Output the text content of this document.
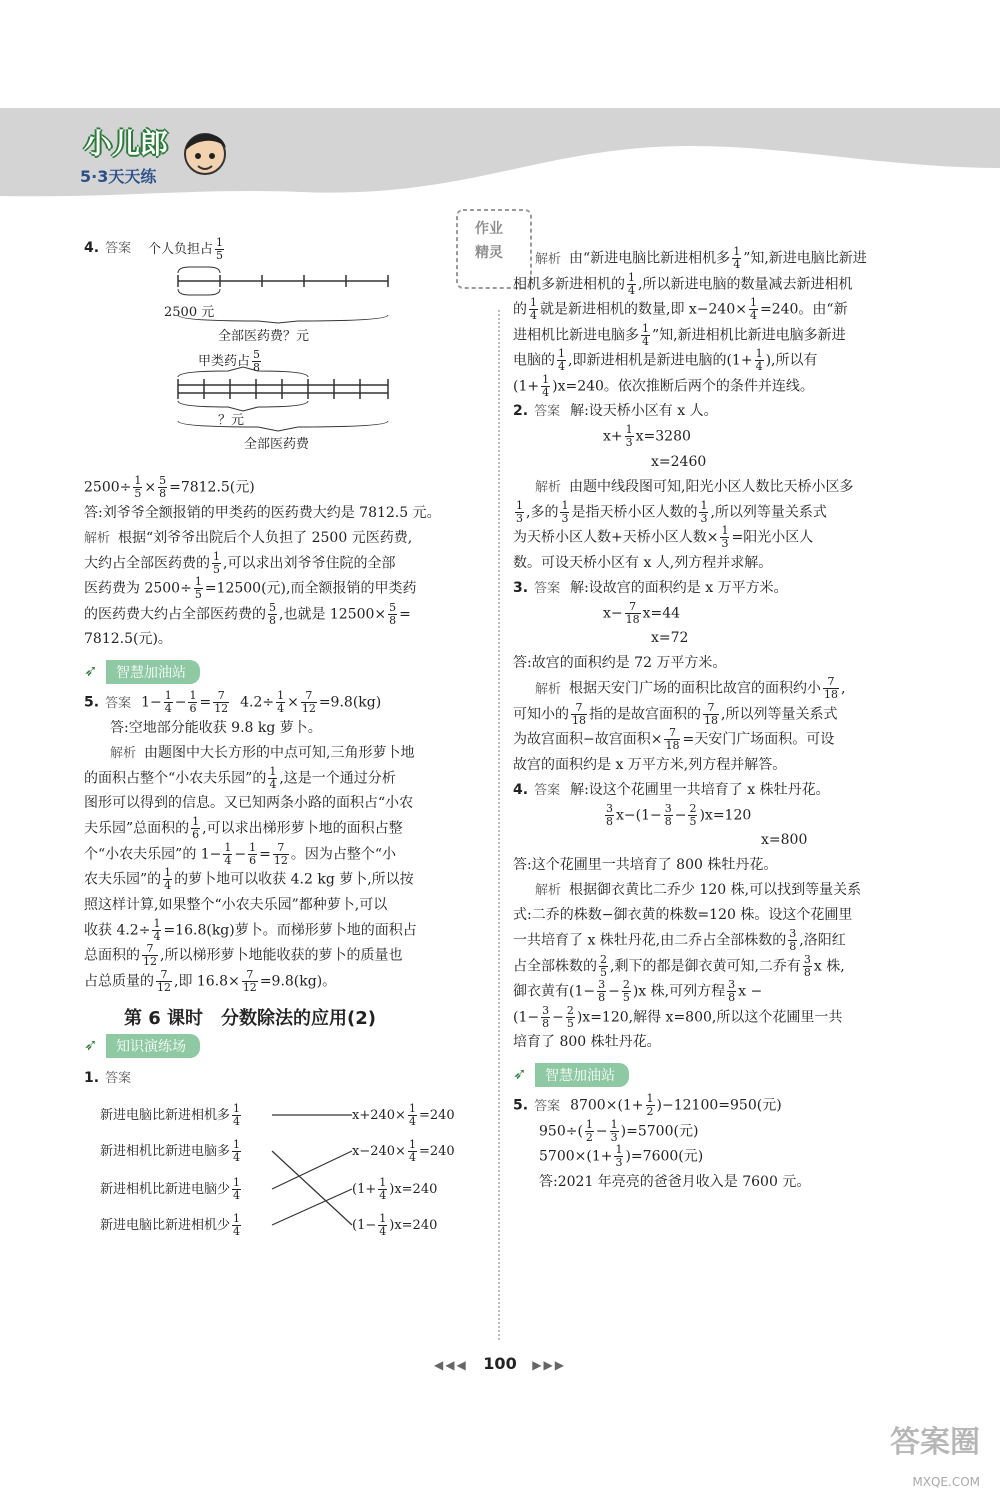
小儿郎
5·3天天练
作业
精灵

4. 答案	个人负担占 $\frac{1}{5}$
2500 元
全部医药费？元
甲类药占 $\frac{5}{8}$
？元
全部医药费

$2500\div \frac{1}{5} \times \frac{5}{8} =7812.5$(元)

答:刘爷爷全额报销的甲类药的医药费大约是 7812.5 元。

解析 根据“刘爷爷出院后个人负担了 2500 元医药费,

大约占全部医药费的 $\frac{1}{5}$ ,可以求出刘爷爷住院的全部

医药费为 $2500\div \frac{1}{5} =12500$(元),而全额报销的甲类药

的医药费大约占全部医药费的 $\frac{5}{8}$ ,也就是 $12500\times \frac{5}{8}$ =

7812.5(元)。

➶ 智慧加油站

5. 答案 $1- \frac{1}{4} - \frac{1}{6} = \frac{7}{12} 4.2\div \frac{1}{4} \times \frac{7}{12} =9.8(kg)$

答:空地部分能收获 9.8 kg 萝卜。

解析 由题图中大长方形的中点可知,三角形萝卜地

的面积占整个“小农夫乐园”的 $\frac{1}{4}$ ,这是一个通过分析

图形可以得到的信息。又已知两条小路的面积占“小农

夫乐园”总面积的 $\frac{1}{6}$ ,可以求出梯形萝卜地的面积占整

个“小农夫乐园”的 $1- \frac{1}{4} - \frac{1}{6} = \frac{7}{12}$ 。因为占整个“小

农夫乐园”的 $\frac{1}{4}$ 的萝卜地可以收获 4.2 kg 萝卜,所以按

照这样计算,如果整个“小农夫乐园”都种萝卜,可以

收获 $4.2\div \frac{1}{4} =16.8(kg)$萝卜。而梯形萝卜地的面积占

总面积的 $\frac{7}{12}$ ,所以梯形萝卜地能收获的萝卜的质量也

占总质量的 $\frac{7}{12}$ ,即 $16.8\times \frac{7}{12} =9.8(kg)$。

第 6 课时　分数除法的应用(2)
➶ 知识演练场

1. 答案

新进电脑比新进相机多 $\frac{1}{4}$
新进相机比新进电脑多 $\frac{1}{4}$
新进相机比新进电脑少 $\frac{1}{4}$
新进电脑比新进相机少 $\frac{1}{4}$
$x+240\times \frac{1}{4} =240$
$x-240\times \frac{1}{4} =240$
$(1+ \frac{1}{4} )x=240$
$(1- \frac{1}{4} )x=240$

解析 由“新进电脑比新进相机多 $\frac{1}{4}$ ”知,新进电脑比新进

相机多新进相机的 $\frac{1}{4}$ ,所以新进电脑的数量减去新进相机

的 $\frac{1}{4}$ 就是新进相机的数量,即 $x-240\times \frac{1}{4} =240$。由“新

进相机比新进电脑多 $\frac{1}{4}$ ”知,新进相机比新进电脑多新进

电脑的 $\frac{1}{4}$ ,即新进相机是新进电脑的($1+ \frac{1}{4}$ ),所以有

$(1+ \frac{1}{4} )x=240$。依次推断后两个的条件并连线。

2. 答案 解:设天桥小区有 x 人。

$x+ \frac{1}{3} x=3280$

x=2460

解析 由题中线段图可知,阳光小区人数比天桥小区多

$\frac{1}{3}$ ,多的 $\frac{1}{3}$ 是指天桥小区人数的 $\frac{1}{3}$ ,所以列等量关系式

为天桥小区人数+天桥小区人数× $\frac{1}{3}$ =阳光小区人

数。可设天桥小区有 x 人,列方程并求解。

3. 答案 解:设故宫的面积约是 x 万平方米。

$x- \frac{7}{18} x=44$

x=72

答:故宫的面积约是 72 万平方米。

解析 根据天安门广场的面积比故宫的面积约小 $\frac{7}{18}$ ,

可知小的 $\frac{7}{18}$ 指的是故宫面积的 $\frac{7}{18}$ ,所以列等量关系式

为故宫面积−故宫面积× $\frac{7}{18}$ =天安门广场面积。可设

故宫的面积约是 x 万平方米,列方程并解答。

4. 答案 解:设这个花圃里一共培育了 x 株牡丹花。

$\frac{3}{8} x-(1- \frac{3}{8} - \frac{2}{5} )x=120$

x=800

答:这个花圃里一共培育了 800 株牡丹花。

解析 根据御衣黄比二乔少 120 株,可以找到等量关系

式:二乔的株数−御衣黄的株数=120 株。设这个花圃里

一共培育了 x 株牡丹花,由二乔占全部株数的 $\frac{3}{8}$ ,洛阳红

占全部株数的 $\frac{2}{5}$ ,剩下的都是御衣黄可知,二乔有 $\frac{3}{8}$ x 株,

御衣黄有$(1- \frac{3}{8} - \frac{2}{5} )x$ 株,可列方程 $\frac{3}{8}$ x −

$(1- \frac{3}{8} - \frac{2}{5} )x=120$,解得 x=800,所以这个花圃里一共

培育了 800 株牡丹花。

➶ 智慧加油站

5. 答案 $8700\times(1+ \frac{1}{2} )-12100=950$(元)

$950\div( \frac{1}{2} - \frac{1}{3} )=5700$(元)

$5700\times(1+ \frac{1}{3} )=7600$(元)

答:2021 年亮亮的爸爸月收入是 7600 元。

◀◀◀ 100 ▶▶▶
答案圈
MXQE.COM
